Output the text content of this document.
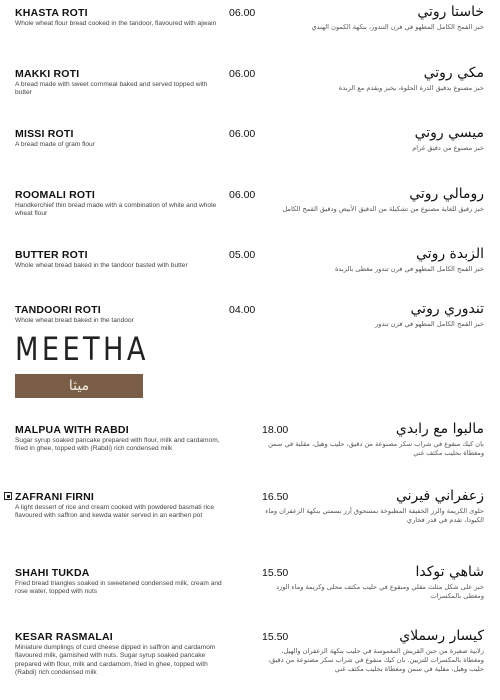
KHASTA ROTI	06.00
Whole wheat flour bread cooked in the tandoor, flavoured with ajwain
خاستا روتي
خبز القمح الكامل المطهو في فرن التندور، بنكهة الكمون الهندي
MAKKI ROTI	06.00
A bread made with sweet cornmeal baked and served topped with butter
مكي روتي
خبز مصنوع بدقيق الذرة الحلوة، يخبز ويقدم مع الزبدة
MISSI ROTI	06.00
A bread made of gram flour
ميسي روتي
خبز مصنوع من دقيق غرام
ROOMALI ROTI	06.00
Handkerchief thin bread made with a combination of white and whole wheat flour
رومالي روتي
خبز رقيق للغاية مصنوع من تشكيلة من الدقيق الأبيض ودقيق القمح الكامل
BUTTER ROTI	05.00
Whole wheat bread baked in the tandoor basted with butter
الزبدة روتي
خبز القمح الكامل المطهو في فرن تندور مغطى بالزبدة
TANDOORI ROTI	04.00
Whole wheat bread baked in the tandoor
تندوري روتي
خبز القمح الكامل المطهو في فرن تندور
MEETHA
ميثا
MALPUA WITH RABDI	18.00
Sugar syrup soaked pancake prepared with flour, milk and cardamom, fried in ghee, topped with (Rabdi) rich condensed milk
مالبوا مع رابدي
بان كيك منقوع في شراب سكر مصنوعة من دقيق، حليب وهيل، مقلية في سمن ومغطاة بحليب مكثف غني
ZAFRANI FIRNI	16.50
A light dessert of rice and cream cooked with powdered basmati rice flavoured with saffron and kewda water served in an earthen pot
زعفراني فيرني
حلوى الكريمة والرز الخفيفة المطبوخة بمسحوق أرز بسمتي بنكهة الزعفران وماء الكيودا، تقدم في قدر فخاري
SHAHI TUKDA	15.50
Fried bread triangles soaked in sweetened condensed milk, cream and rose water, topped with nuts
شاهي توكدا
خبز على شكل مثلث مقلي ومنقوع في حليب مكثف محلى وكريمة وماء الورد ومغطى بالمكسرات
KESAR RASMALAI	15.50
Miniature dumplings of curd cheese dipped in saffron and cardamom flavoured milk, garnished with nuts. Sugar syrup soaked pancake prepared with flour, milk and cardamom, fried in ghee, topped with (Rabdi) rich condensed milk
كيسار رسملاي
زلابية صغيرة من جبن القريش المغموسة في حليب بنكهة الزعفران والهيل، ومغطاة بالمكسرات للتزيين. بان كيك منقوع في شراب سكر مصنوعة من دقيق، حليب وهيل، مقلية في سمن ومغطاة بحليب مكثف غني
